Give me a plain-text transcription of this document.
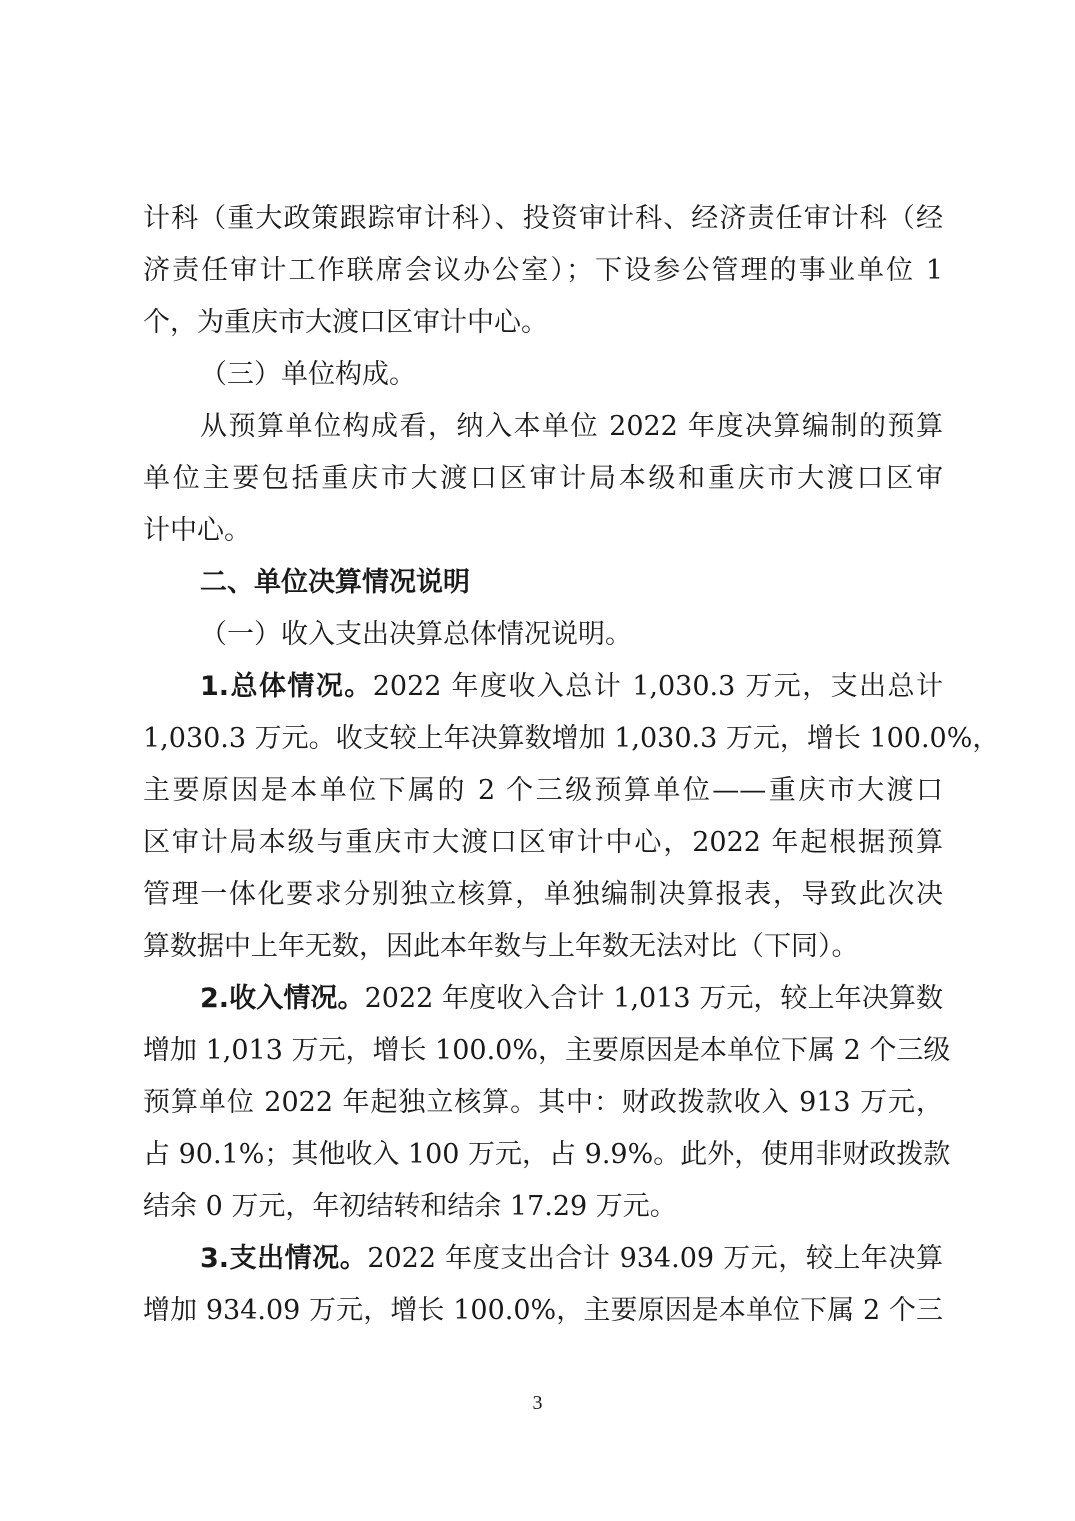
计科（重大政策跟踪审计科）、投资审计科、经济责任审计科（经
济责任审计工作联席会议办公室）；下设参公管理的事业单位 1
个，为重庆市大渡口区审计中心。
（三）单位构成。
从预算单位构成看，纳入本单位 2022 年度决算编制的预算
单位主要包括重庆市大渡口区审计局本级和重庆市大渡口区审
计中心。
二、单位决算情况说明
（一）收入支出决算总体情况说明。
1.总体情况。2022 年度收入总计 1,030.3 万元，支出总计
1,030.3 万元。收支较上年决算数增加 1,030.3 万元，增长 100.0%，
主要原因是本单位下属的 2 个三级预算单位——重庆市大渡口
区审计局本级与重庆市大渡口区审计中心，2022 年起根据预算
管理一体化要求分别独立核算，单独编制决算报表，导致此次决
算数据中上年无数，因此本年数与上年数无法对比（下同）。
2.收入情况。2022 年度收入合计 1,013 万元，较上年决算数
增加 1,013 万元，增长 100.0%，主要原因是本单位下属 2 个三级
预算单位 2022 年起独立核算。其中：财政拨款收入 913 万元，
占 90.1%；其他收入 100 万元，占 9.9%。此外，使用非财政拨款
结余 0 万元，年初结转和结余 17.29 万元。
3.支出情况。2022 年度支出合计 934.09 万元，较上年决算
增加 934.09 万元，增长 100.0%，主要原因是本单位下属 2 个三
3
